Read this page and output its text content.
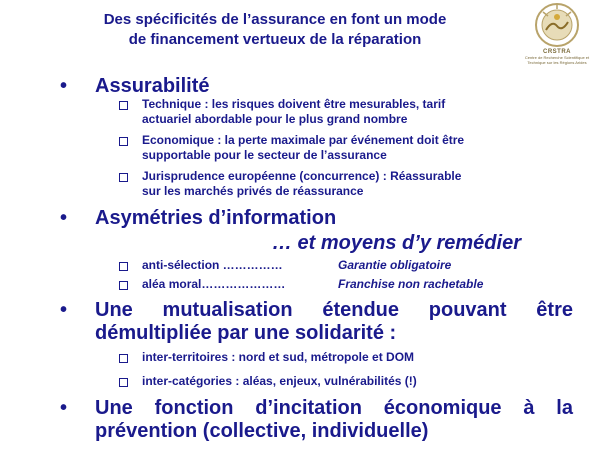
Des spécificités de l’assurance en font un mode
de financement vertueux de la réparation
CRSTRA
Centre de Recherche Scientifique et Technique sur les Régions Arides
• Assurabilité
Technique : les risques doivent être mesurables, tarif
actuariel abordable pour le plus grand nombre
Economique : la perte maximale par événement doit être
supportable pour le secteur de l’assurance
Jurisprudence européenne (concurrence) : Réassurable
sur les marchés privés de réassurance
• Asymétries d’information
… et moyens d’y remédier
anti-sélection ……………	Garantie obligatoire
aléa moral…………………	Franchise non rachetable
• Une mutualisation étendue pouvant être
démultipliée par une solidarité :
inter-territoires : nord et sud, métropole et DOM
inter-catégories : aléas, enjeux, vulnérabilités (!)
• Une fonction d’incitation économique à la
prévention (collective, individuelle)
